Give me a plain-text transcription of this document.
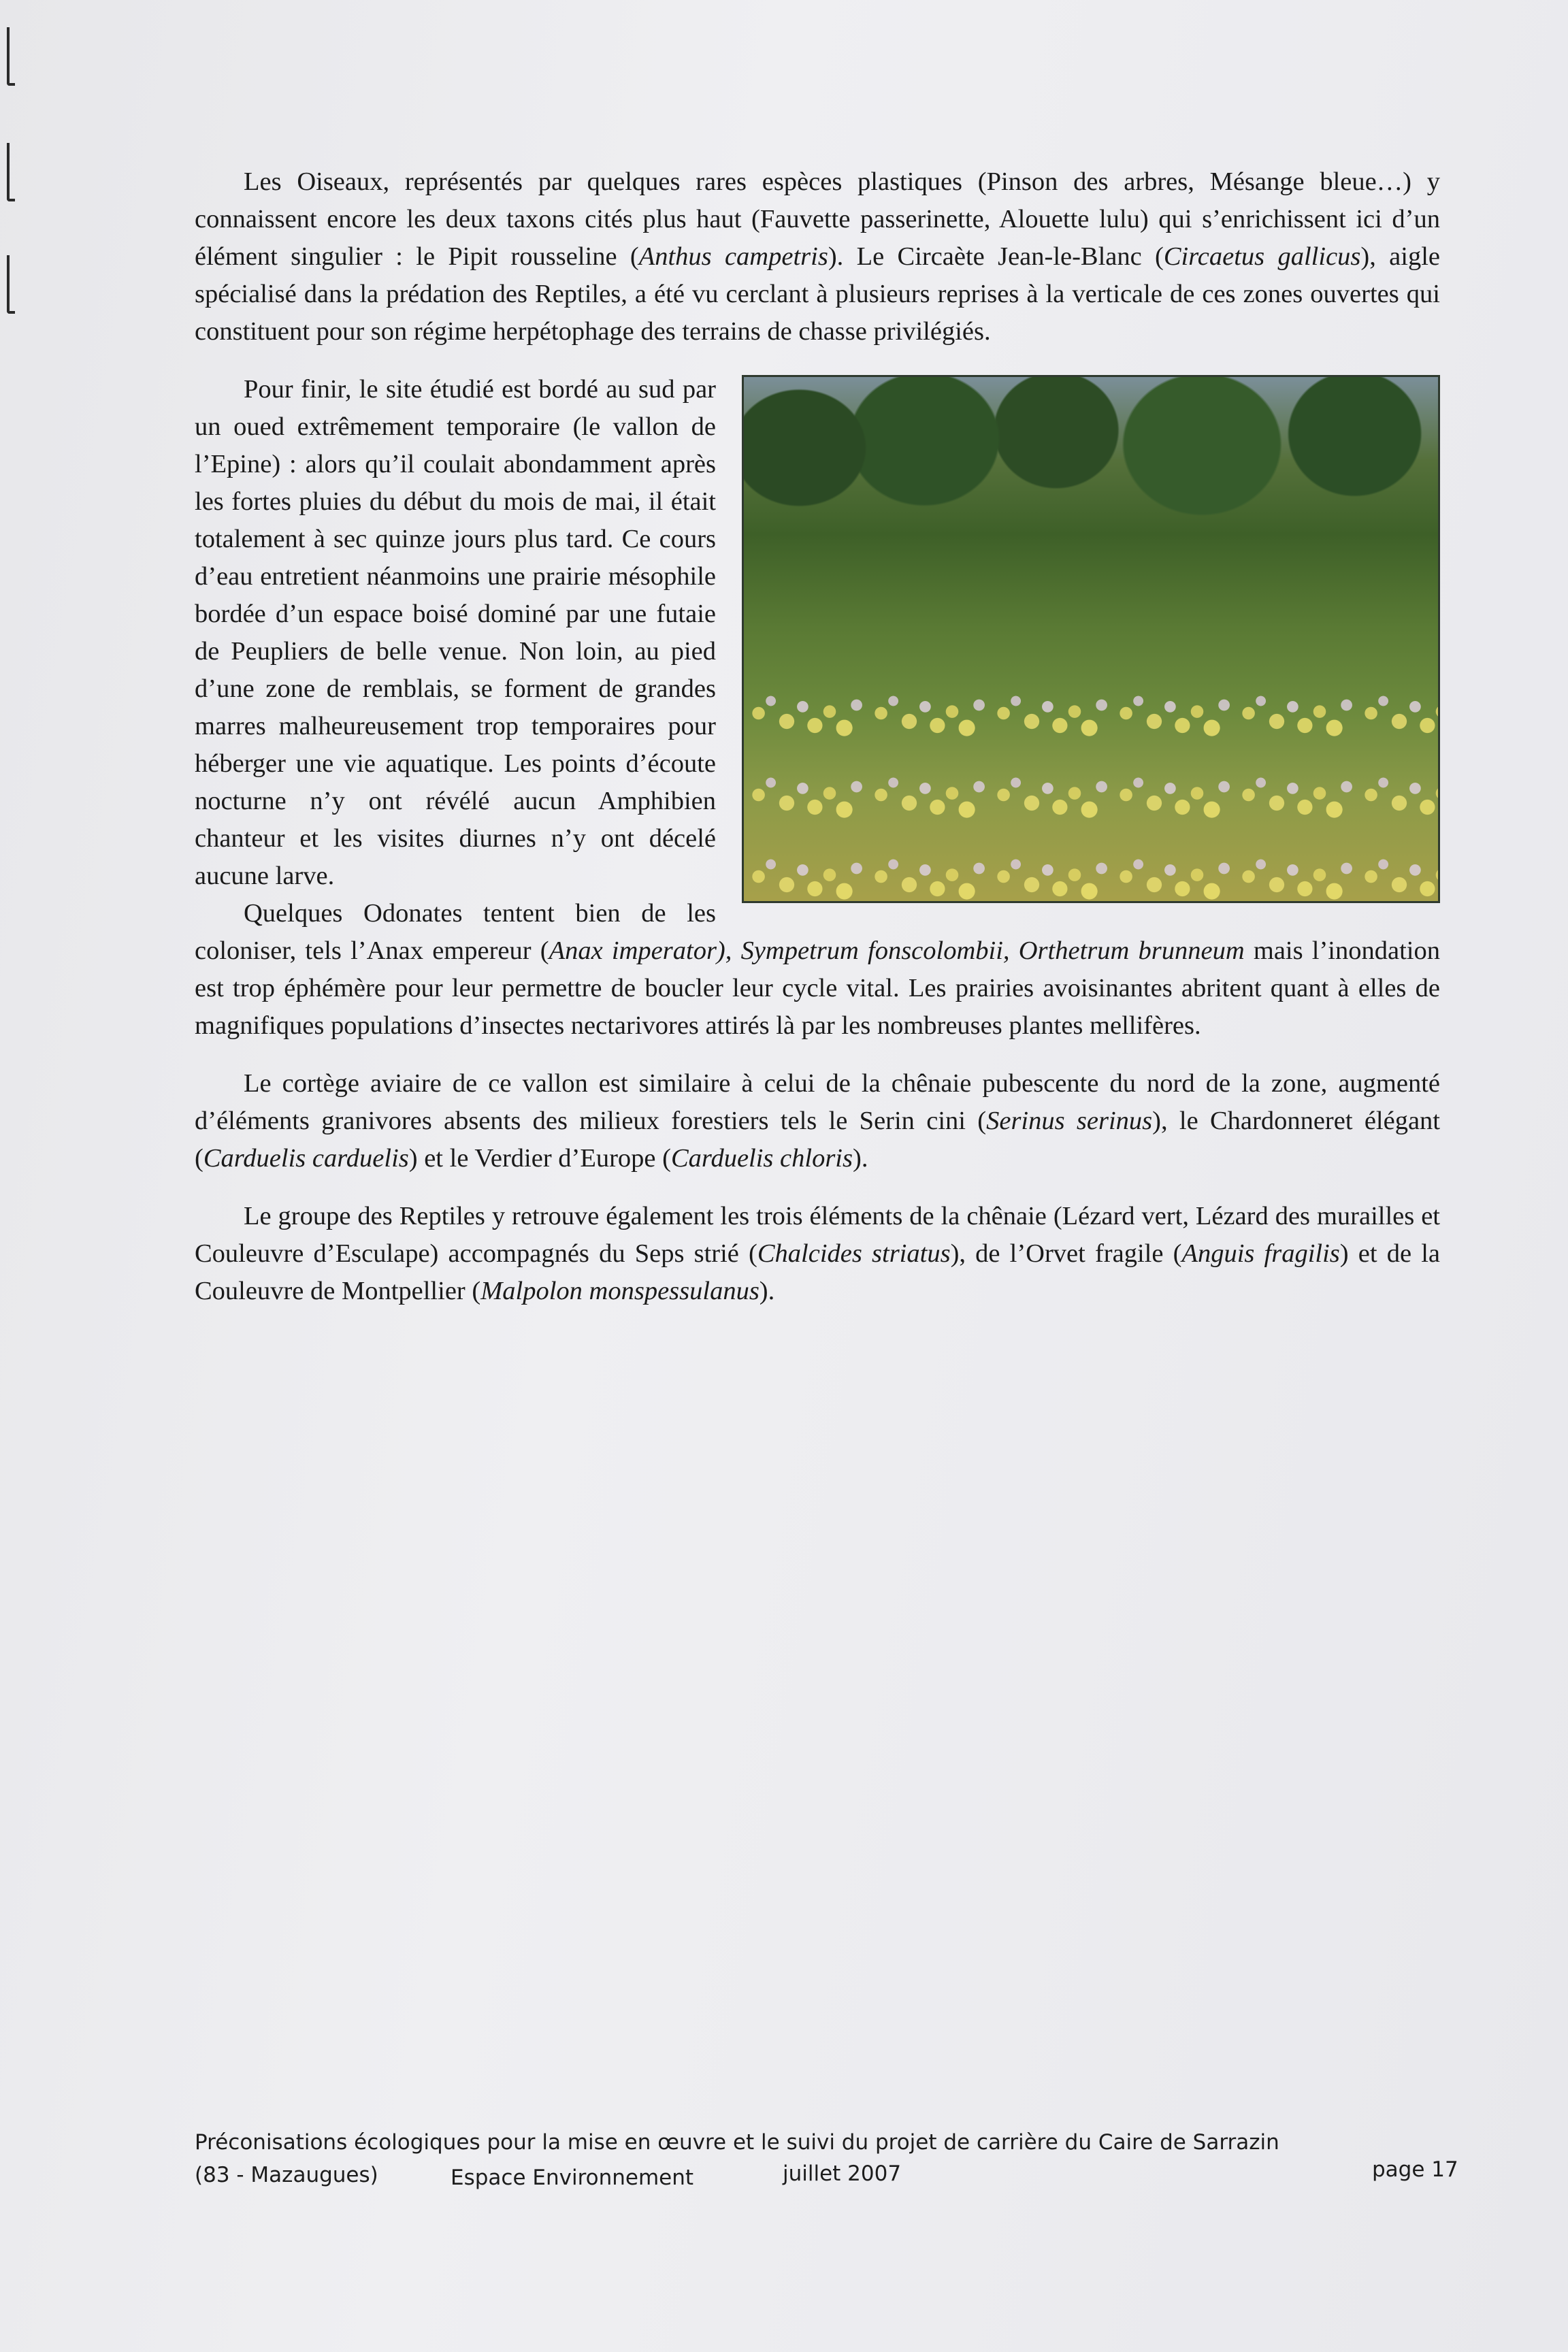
Les Oiseaux, représentés par quelques rares espèces plastiques (Pinson des arbres, Mésange bleue…) y connaissent encore les deux taxons cités plus haut (Fauvette passerinette, Alouette lulu) qui s’enrichissent ici d’un élément singulier : le Pipit rousseline (Anthus campetris). Le Circaète Jean-le-Blanc (Circaetus gallicus), aigle spécialisé dans la prédation des Reptiles, a été vu cerclant à plusieurs reprises à la verticale de ces zones ouvertes qui constituent pour son régime herpétophage des terrains de chasse privilégiés.

Pour finir, le site étudié est bordé au sud par un oued extrêmement temporaire (le vallon de l’Epine) : alors qu’il coulait abondamment après les fortes pluies du début du mois de mai, il était totalement à sec quinze jours plus tard. Ce cours d’eau entretient néanmoins une prairie mésophile bordée d’un espace boisé dominé par une futaie de Peupliers de belle venue. Non loin, au pied d’une zone de remblais, se forment de grandes marres malheureusement trop temporaires pour héberger une vie aquatique. Les points d’écoute nocturne n’y ont révélé aucun Amphibien chanteur et les visites diurnes n’y ont décelé aucune larve.

Quelques Odonates tentent bien de les coloniser, tels l’Anax empereur (Anax imperator), Sympetrum fonscolombii, Orthetrum brunneum mais l’inondation est trop éphémère pour leur permettre de boucler leur cycle vital. Les prairies avoisinantes abritent quant à elles de magnifiques populations d’insectes nectarivores attirés là par les nombreuses plantes mellifères.

Le cortège aviaire de ce vallon est similaire à celui de la chênaie pubescente du nord de la zone, augmenté d’éléments granivores absents des milieux forestiers tels le Serin cini (Serinus serinus), le Chardonneret élégant (Carduelis carduelis) et le Verdier d’Europe (Carduelis chloris).

Le groupe des Reptiles y retrouve également les trois éléments de la chênaie (Lézard vert, Lézard des murailles et Couleuvre d’Esculape) accompagnés du Seps strié (Chalcides striatus), de l’Orvet fragile (Anguis fragilis) et de la Couleuvre de Montpellier (Malpolon monspessulanus).

Préconisations écologiques pour la mise en œuvre et le suivi du projet de carrière du Caire de Sarrazin
(83 - Mazaugues)	Espace Environnement	juillet 2007	page 17
